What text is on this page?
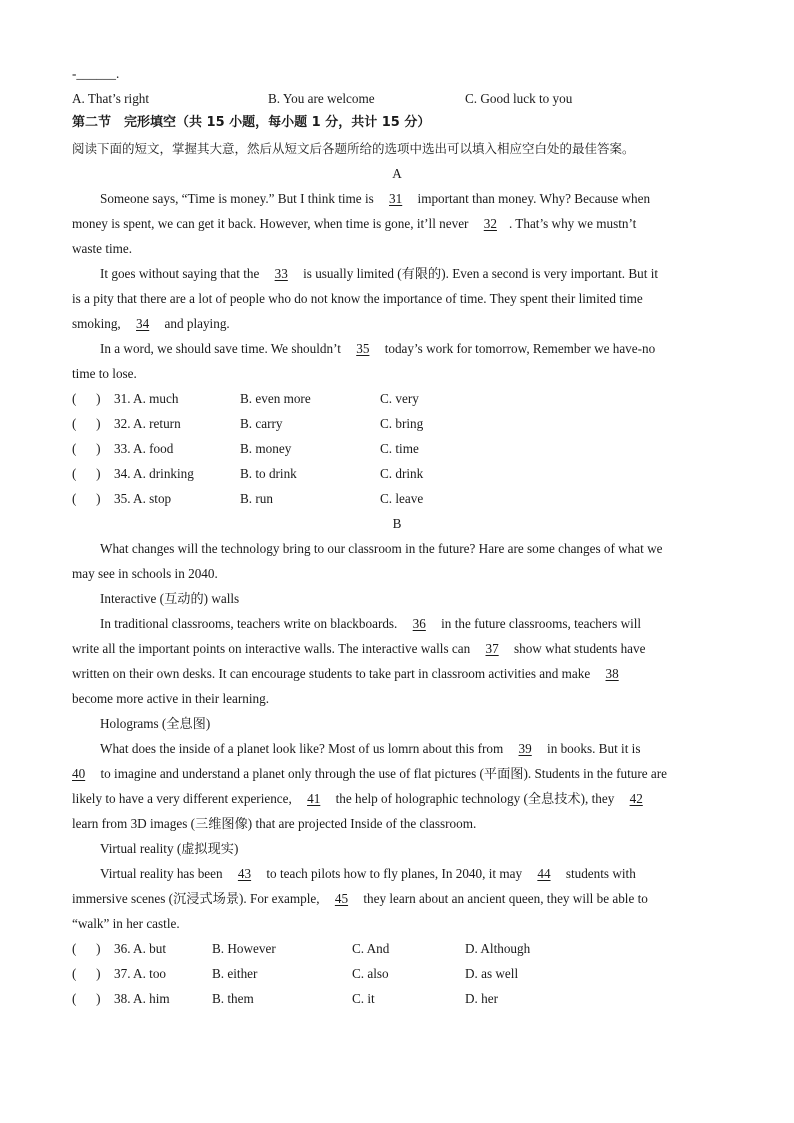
-______.
A. That’s right	B. You are welcome	C. Good luck to you
第二节　完形填空（共 15 小题，每小题 1 分，共计 15 分）
阅读下面的短文，掌握其大意，然后从短文后各题所给的选项中选出可以填入相应空白处的最佳答案。
A
Someone says, “Time is money.” But I think time is 31 important than money. Why? Because when
money is spent, we can get it back. However, when time is gone, it’ll never 32 . That’s why we mustn’t
waste time.
It goes without saying that the 33 is usually limited (有限的). Even a second is very important. But it
is a pity that there are a lot of people who do not know the importance of time. They spent their limited time
smoking, 34 and playing.
In a word, we should save time. We shouldn’t 35 today’s work for tomorrow, Remember we have-no
time to lose.
(      ) 31. A. much	B. even more	C. very
(      ) 32. A. return	B. carry	C. bring
(      ) 33. A. food	B. money	C. time
(      ) 34. A. drinking	B. to drink	C. drink
(      ) 35. A. stop	B. run	C. leave
B
What changes will the technology bring to our classroom in the future? Hare are some changes of what we
may see in schools in 2040.
Interactive (互动的) walls
In traditional classrooms, teachers write on blackboards. 36 in the future classrooms, teachers will
write all the important points on interactive walls. The interactive walls can 37 show what students have
written on their own desks. It can encourage students to take part in classroom activities and make 38
become more active in their learning.
Holograms (全息图)
What does the inside of a planet look like? Most of us lomrn about this from 39 in books. But it is
40 to imagine and understand a planet only through the use of flat pictures (平面图). Students in the future are
likely to have a very different experience, 41 the help of holographic technology (全息技术), they 42
learn from 3D images (三维图像) that are projected Inside of the classroom.
Virtual reality (虚拟现实)
Virtual reality has been 43 to teach pilots how to fly planes, In 2040, it may 44 students with
immersive scenes (沉浸式场景). For example, 45 they learn about an ancient queen, they will be able to
“walk” in her castle.
(      ) 36. A. but	B. However	C. And	D. Although
(      ) 37. A. too	B. either	C. also	D. as well
(      ) 38. A. him	B. them	C. it	D. her
